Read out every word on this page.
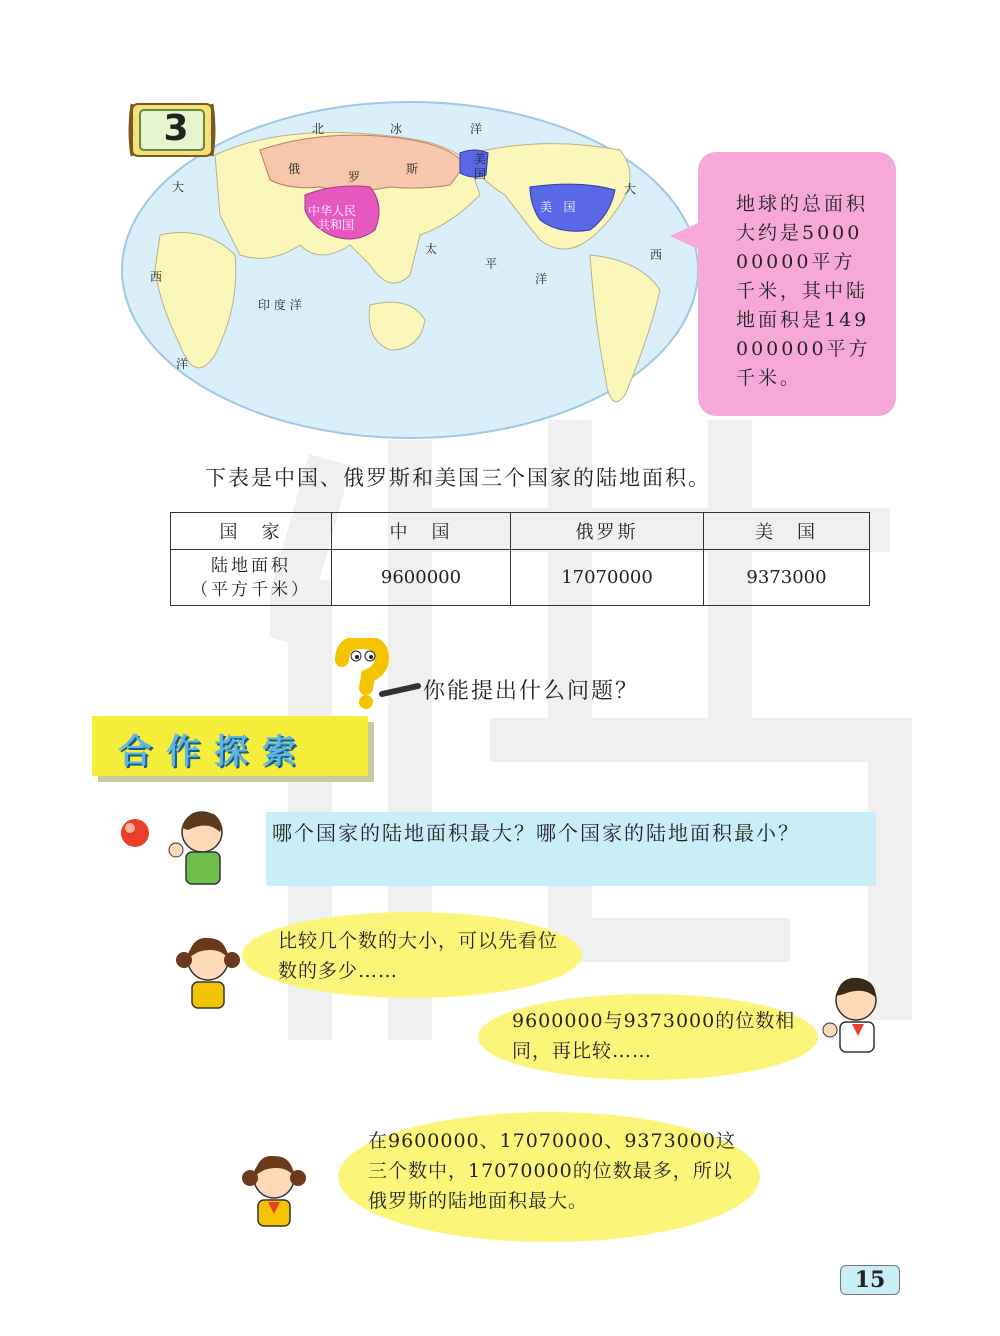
北	冰	洋
俄
罗
斯
中华人民
共和国
美
国
美   国
太
平
洋
大
西
洋
大
西
印 度 洋
3
地球的总面积大约是500000000平方千米，其中陆地面积是149000000平方千米。
下表是中国、俄罗斯和美国三个国家的陆地面积。
国　家	中　国	俄罗斯	美　国

陆地面积
（平方千米）	9600000	17070000	9373000
你能提出什么问题？
合作探索
哪个国家的陆地面积最大？哪个国家的陆地面积最小？
比较几个数的大小，可以先看位数的多少……
9600000与9373000的位数相同，再比较……
在9600000、17070000、9373000这三个数中，17070000的位数最多，所以俄罗斯的陆地面积最大。
15
